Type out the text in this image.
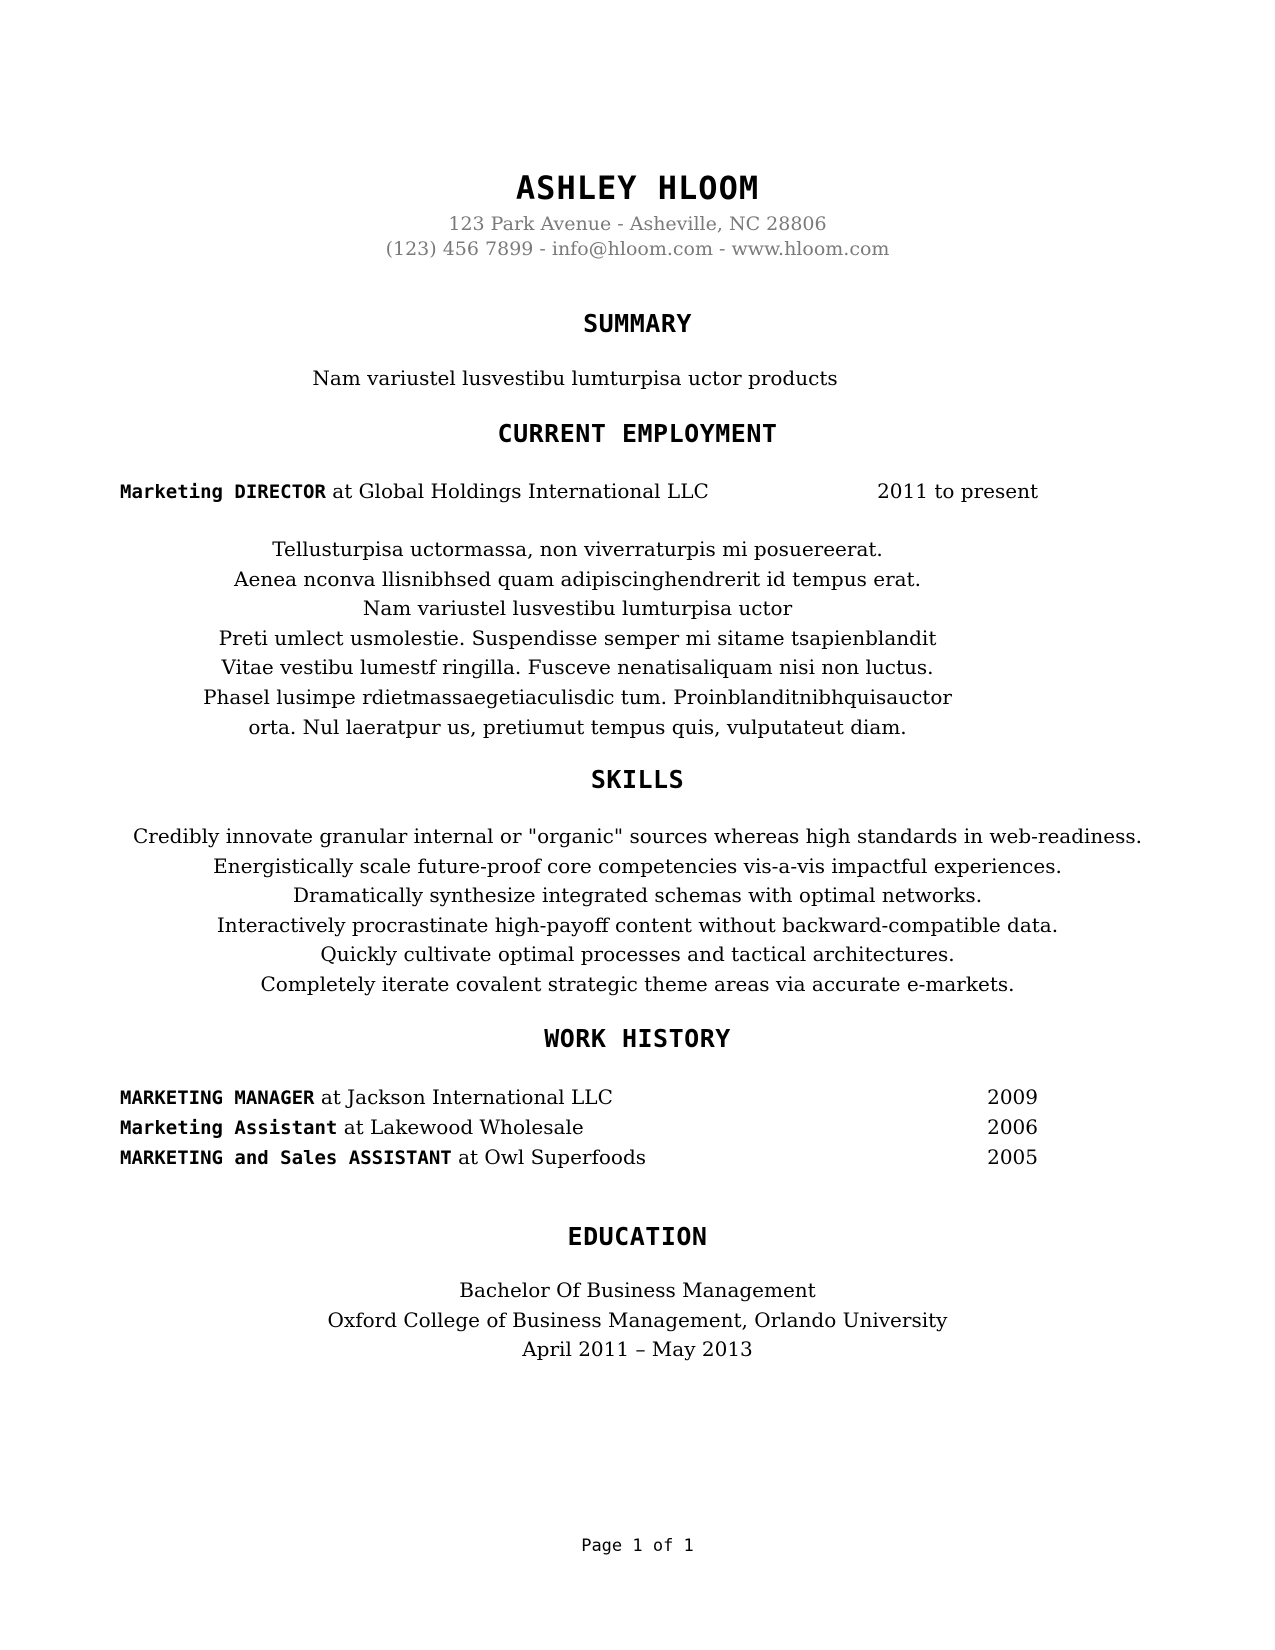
ASHLEY HLOOM
123 Park Avenue - Asheville, NC 28806
(123) 456 7899 - info@hloom.com - www.hloom.com
SUMMARY
Nam variustel lusvestibu lumturpisa uctor products
CURRENT EMPLOYMENT
Marketing DIRECTOR at Global Holdings International LLC	2011 to present
Tellusturpisa uctormassa, non viverraturpis mi posuereerat.
Aenea nconva llisnibhsed quam adipiscinghendrerit id tempus erat.
Nam variustel lusvestibu lumturpisa uctor
Preti umlect usmolestie. Suspendisse semper mi sitame tsapienblandit
Vitae vestibu lumestf ringilla. Fusceve nenatisaliquam nisi non luctus.
Phasel lusimpe rdietmassaegetiaculisdic tum. Proinblanditnibhquisauctor
orta. Nul laeratpur us, pretiumut tempus quis, vulputateut diam.
SKILLS
Credibly innovate granular internal or "organic" sources whereas high standards in web-readiness.
Energistically scale future-proof core competencies vis-a-vis impactful experiences.
Dramatically synthesize integrated schemas with optimal networks.
Interactively procrastinate high-payoff content without backward-compatible data.
Quickly cultivate optimal processes and tactical architectures.
Completely iterate covalent strategic theme areas via accurate e-markets.
WORK HISTORY
MARKETING MANAGER at Jackson International LLC	2009
Marketing Assistant at Lakewood Wholesale	2006
MARKETING and Sales ASSISTANT at Owl Superfoods	2005
EDUCATION
Bachelor Of Business Management
Oxford College of Business Management, Orlando University
April 2011 – May 2013
Page 1 of 1
